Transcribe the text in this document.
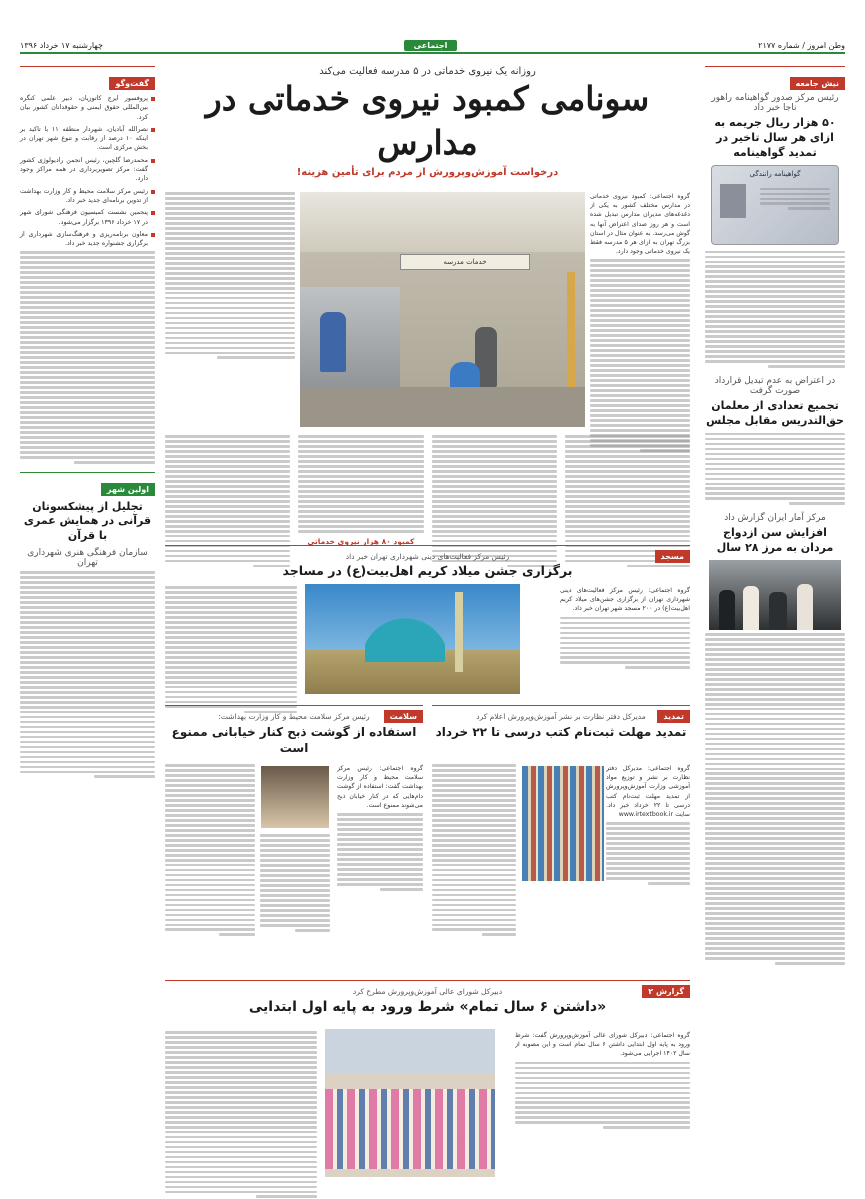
وطن امروز / شماره ۲۱۷۷
اجتماعی
چهارشنبه ۱۷ خرداد ۱۳۹۶
نیش جامعه
رئیس مرکز صدور گواهینامه راهور ناجا خبر داد
۵۰ هزار ریال جریمه به ازای هر سال تاخیر در تمدید گواهینامه
گواهینامه رانندگی
در اعتراض به عدم تبدیل قرارداد صورت گرفت
تجمیع تعدادی از معلمان حق‌التدریس مقابل مجلس
مرکز آمار ایران گزارش داد
افزایش سن ازدواج مردان به مرز ۲۸ سال
گفت‌وگو
پروفسور ایرج کاتوزیان، دبیر علمی کنگره بین‌المللی حقوق ایمنی و حقوقدانان کشور بیان کرد.
نصرالله آبادیان، شهردار منطقه ۱۱ با تاکید بر اینکه ۱۰ درصد از رقابت و تنوع شهر تهران در بخش مرکزی است.
محمدرضا گلچین، رئیس انجمن رادیولوژی کشور گفت: مرکز تصویربرداری در همه مراکز وجود دارد.
رئیس مرکز سلامت محیط و کار وزارت بهداشت از تدوین برنامه‌ای جدید خبر داد.
پنجمین نشست کمیسیون فرهنگی شورای شهر در ۱۷ خرداد ۱۳۹۶ برگزار می‌شود.
معاون برنامه‌ریزی و فرهنگ‌سازی شهرداری از برگزاری جشنواره جدید خبر داد.
اولین شهر
تجلیل از پیشکسوتان قرآنی در همایش عمری با قرآن
سازمان فرهنگی هنری شهرداری تهران
روزانه یک نیروی خدماتی در ۵ مدرسه فعالیت می‌کند
سونامی کمبود نیروی خدماتی در مدارس
درخواست آموزش‌وپرورش از مردم برای تأمین هزینه!
خدمات مدرسه
گروه اجتماعی: کمبود نیروی خدماتی در مدارس مختلف کشور به یکی از دغدغه‌های مدیران مدارس تبدیل شده است و هر روز صدای اعتراض آنها به گوش می‌رسد. به عنوان مثال در استان بزرگ تهران به ازای هر ۵ مدرسه فقط یک نیروی خدماتی وجود دارد.
کمبود ۸۰ هزار نیروی خدماتی
مسجد
رئیس مرکز فعالیت‌های دینی شهرداری تهران خبر داد
برگزاری جشن میلاد کریم اهل‌بیت(ع) در مساجد
گروه اجتماعی: رئیس مرکز فعالیت‌های دینی شهرداری تهران از برگزاری جشن‌های میلاد کریم اهل‌بیت(ع) در ۲۰۰ مسجد شهر تهران خبر داد.
سلامت
رئیس مرکز سلامت محیط و کار وزارت بهداشت:
استفاده از گوشت ذبح کنار خیابانی ممنوع است
گروه اجتماعی: رئیس مرکز سلامت محیط و کار وزارت بهداشت گفت: استفاده از گوشت دام‌هایی که در کنار خیابان ذبح می‌شوند ممنوع است.
تمدید
مدیرکل دفتر نظارت بر نشر آموزش‌وپرورش اعلام کرد
تمدید مهلت ثبت‌نام کتب درسی تا ۲۲ خرداد
گروه اجتماعی: مدیرکل دفتر نظارت بر نشر و توزیع مواد آموزشی وزارت آموزش‌وپرورش از تمدید مهلت ثبت‌نام کتب درسی تا ۲۲ خرداد خبر داد. سایت www.irtextbook.ir
گزارش ۲
دبیرکل شورای عالی آموزش‌وپرورش مطرح کرد
«داشتن ۶ سال تمام» شرط ورود به پایه اول ابتدایی
گروه اجتماعی: دبیرکل شورای عالی آموزش‌وپرورش گفت: شرط ورود به پایه اول ابتدایی داشتن ۶ سال تمام است و این مصوبه از سال ۱۴۰۲ اجرایی می‌شود.
